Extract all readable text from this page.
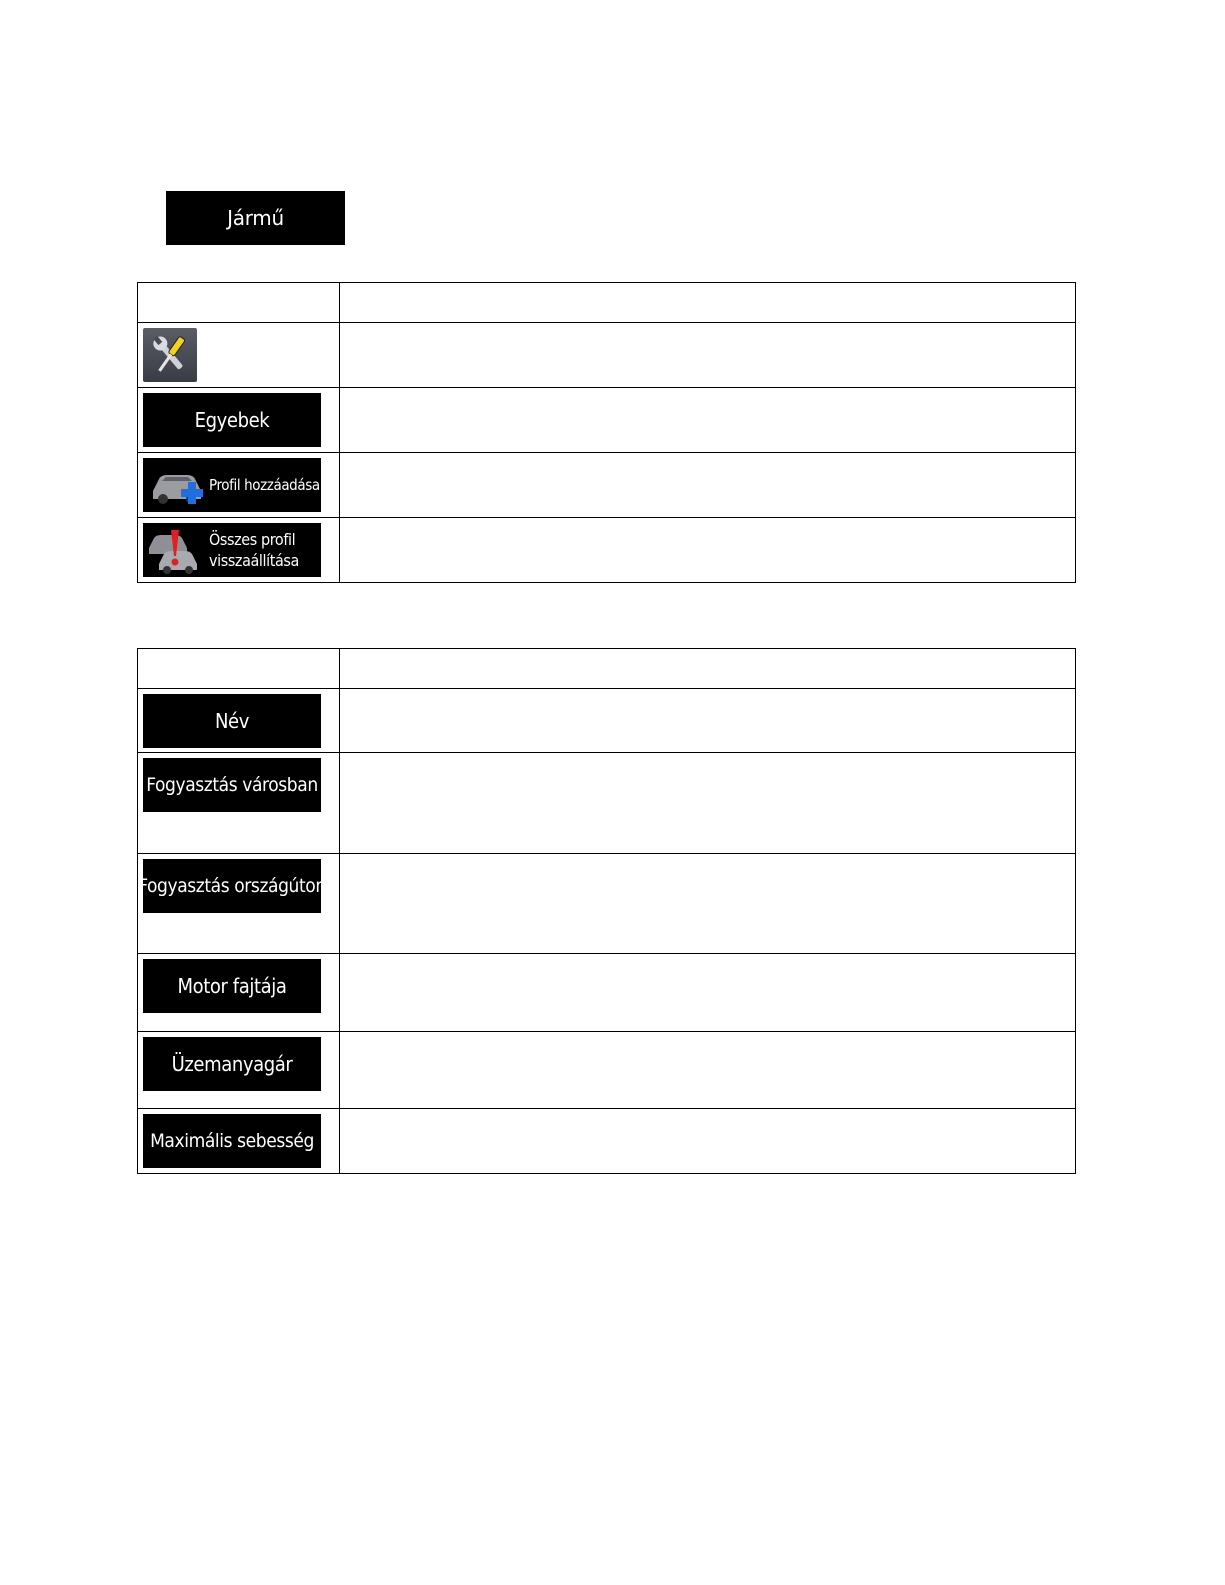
Jármű

Egyebek	

Profil hozzáadása	

Összes profil
visszaállítása	

Név	

Fogyasztás városban	

Fogyasztás országúton	

Motor fajtája	

Üzemanyagár	

Maximális sebesség	
